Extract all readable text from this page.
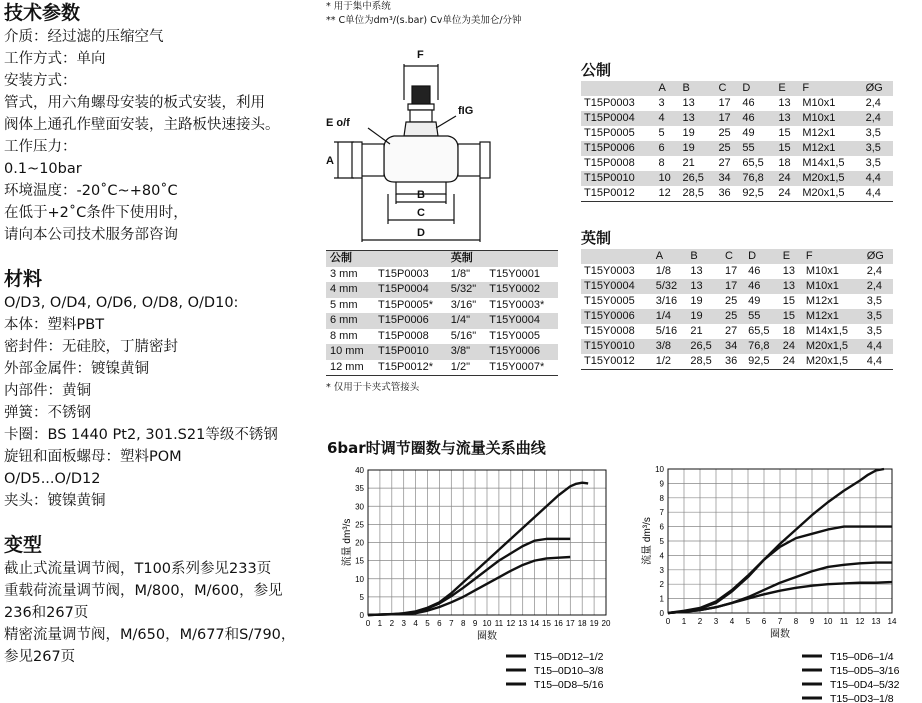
技术参数
介质：经过滤的压缩空气
工作方式：单向
安装方式：
管式，用六角螺母安装的板式安装，利用
阀体上通孔作壁面安装，主路板快速接头。
工作压力：
0.1~10bar
环境温度：-20˚C~+80˚C
在低于+2˚C条件下使用时，
请向本公司技术服务部咨询
材料
O/D3, O/D4, O/D6, O/D8, O/D10:
本体：塑料PBT
密封件：无硅胶，丁腈密封
外部金属件：镀镍黄铜
内部件：黄铜
弹簧：不锈钢
卡圈：BS 1440 Pt2, 301.S21等级不锈钢
旋钮和面板螺母：塑料POM
O/D5...O/D12
夹头：镀镍黄铜
变型
截止式流量调节阀，T100系列参见233页
重载荷流量调节阀，M/800，M/600，参见
236和267页
精密流量调节阀，M/650，M/677和S/790，
参见267页
* 用于集中系统
** C单位为dm³/(s.bar) Cv单位为美加仑/分钟
F
fIG
E o/f
A
B
C
D
公制		英制	
3 mm	T15P0003	1/8"	T15Y0001
4 mm	T15P0004	5/32"	T15Y0002
5 mm	T15P0005*	3/16"	T15Y0003*
6 mm	T15P0006	1/4"	T15Y0004
8 mm	T15P0008	5/16"	T15Y0005
10 mm	T15P0010	3/8"	T15Y0006
12 mm	T15P0012*	1/2"	T15Y0007*
* 仅用于卡夹式管接头
公制
	A	B	C	D	E	F	ØG
T15P0003	3	13	17	46	13	M10x1	2,4
T15P0004	4	13	17	46	13	M10x1	2,4
T15P0005	5	19	25	49	15	M12x1	3,5
T15P0006	6	19	25	55	15	M12x1	3,5
T15P0008	8	21	27	65,5	18	M14x1,5	3,5
T15P0010	10	26,5	34	76,8	24	M20x1,5	4,4
T15P0012	12	28,5	36	92,5	24	M20x1,5	4,4
英制
	A	B	C	D	E	F	ØG
T15Y0003	1/8	13	17	46	13	M10x1	2,4
T15Y0004	5/32	13	17	46	13	M10x1	2,4
T15Y0005	3/16	19	25	49	15	M12x1	3,5
T15Y0006	1/4	19	25	55	15	M12x1	3,5
T15Y0008	5/16	21	27	65,5	18	M14x1,5	3,5
T15Y0010	3/8	26,5	34	76,8	24	M20x1,5	4,4
T15Y0012	1/2	28,5	36	92,5	24	M20x1,5	4,4
6bar时调节圈数与流量关系曲线
0 1 2 3 4 5 6 7 8 9 10 11 12 13 14 15 16 17 18 19 20
0
5
10
15
20
25
30
35
40
圈数
流量 dm³/s
T15–0D12–1/2
T15–0D10–3/8
T15–0D8–5/16
0 1 2 3 4 5 6 7 8 9 10 11 12 13 14
0
1
2
3
4
5
6
7
8
9
10
圈数
流量 dm³/s
T15–0D6–1/4
T15–0D5–3/16
T15–0D4–5/32
T15–0D3–1/8
